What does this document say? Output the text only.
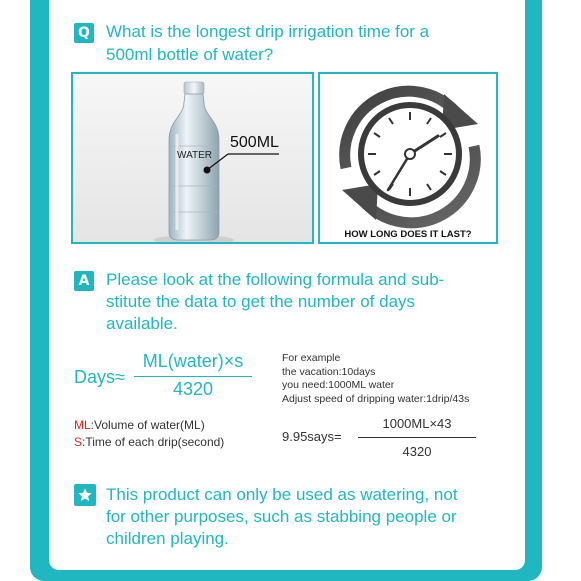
Q What is the longest drip irrigation time for a

500ml bottle of water?

WATER
500ML
HOW LONG DOES IT LAST?
A Please look at the following formula and sub-

stitute the data to get the number of days

available.

Days≈
ML(water)×s
4320
For example
the vacation:10days
you need:1000ML water
Adjust speed of dripping water:1drip/43s
ML:Volume of water(ML)
S:Time of each drip(second)	9.95says=
1000ML×43
4320

This product can only be used as watering, not

for other purposes, such as stabbing people or

children playing.
